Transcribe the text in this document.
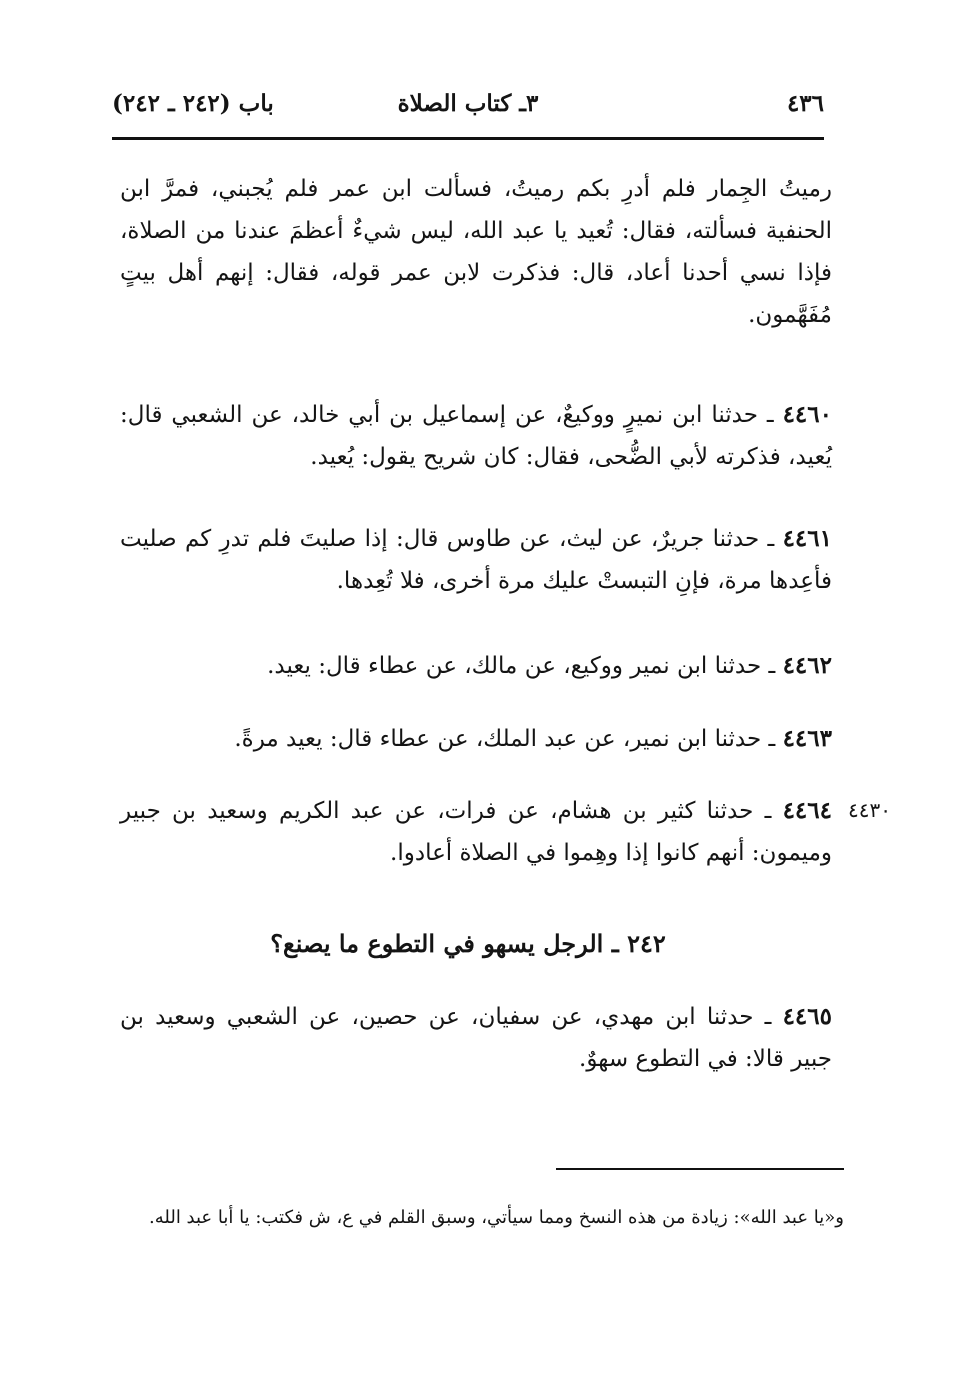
٤٣٦
٣ـ كتاب الصلاة
باب (٢٤٢ ـ ٢٤٢)

رميتُ الجِمار فلم أدرِ بكم رميتُ، فسألت ابن عمر فلم يُجبني، فمرَّ ابن الحنفية فسألته، فقال: تُعيد يا عبد الله، ليس شيءٌ أعظمَ عندنا من الصلاة، فإذا نسي أحدنا أعاد، قال: فذكرت لابن عمر قوله، فقال: إنهم أهل بيتٍ مُفَهَّمون.

٤٤٦٠ ـ حدثنا ابن نميرٍ ووكيعٌ، عن إسماعيل بن أبي خالد، عن الشعبي قال: يُعيد، فذكرته لأبي الضُّحى، فقال: كان شريح يقول: يُعيد.

٤٤٦١ ـ حدثنا جريرٌ، عن ليث، عن طاوس قال: إذا صليتَ فلم تدرِ كم صليت فأعِدها مرة، فإنِ التبستْ عليك مرة أخرى، فلا تُعِدها.

٤٤٦٢ ـ حدثنا ابن نمير ووكيع، عن مالك، عن عطاء قال: يعيد.

٤٤٦٣ ـ حدثنا ابن نمير، عن عبد الملك، عن عطاء قال: يعيد مرةً.

٤٤٣٠

٤٤٦٤ ـ حدثنا كثير بن هشام، عن فرات، عن عبد الكريم وسعيد بن جبير وميمون: أنهم كانوا إذا وهِموا في الصلاة أعادوا.

٢٤٢ ـ الرجل يسهو في التطوع ما يصنع؟

٤٤٦٥ ـ حدثنا ابن مهدي، عن سفيان، عن حصين، عن الشعبي وسعيد بن جبير قالا: في التطوع سهوٌ.

و«يا عبد الله»: زيادة من هذه النسخ ومما سيأتي، وسبق القلم في ع، ش فكتب: يا أبا عبد الله.
